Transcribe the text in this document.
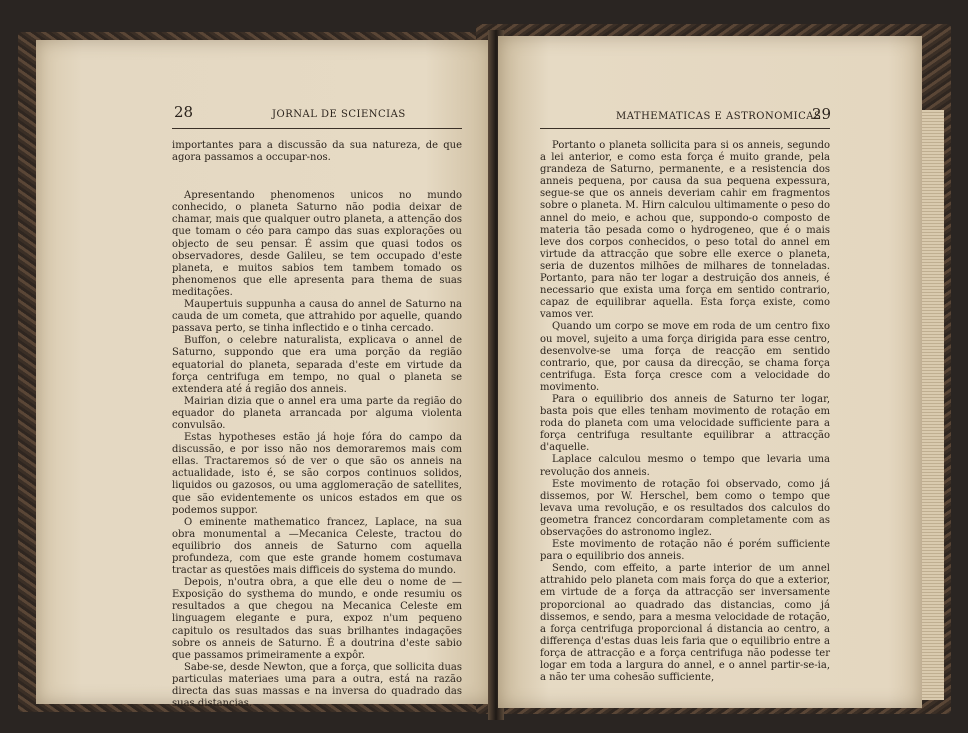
28	JORNAL DE SCIENCIAS

importantes para a discussão da sua natureza, de que agora passamos a occupar-nos.

Apresentando phenomenos unicos no mundo conhecido, o planeta Saturno não podia deixar de chamar, mais que qualquer outro planeta, a attenção dos que tomam o céo para campo das suas explorações ou objecto de seu pensar. É assim que quasi todos os observadores, desde Galileu, se tem occupado d'este planeta, e muitos sabios tem tambem tomado os phenomenos que elle apresenta para thema de suas meditações.

Maupertuis suppunha a causa do annel de Saturno na cauda de um cometa, que attrahido por aquelle, quando passava perto, se tinha inflectido e o tinha cercado.

Buffon, o celebre naturalista, explicava o annel de Saturno, suppondo que era uma porção da região equatorial do planeta, separada d'este em virtude da força centrifuga em tempo, no qual o planeta se extendera até á região dos anneis.

Mairian dizia que o annel era uma parte da região do equador do planeta arrancada por alguma violenta convulsão.

Estas hypotheses estão já hoje fóra do campo da discussão, e por isso não nos demoraremos mais com ellas. Tractaremos só de ver o que são os anneis na actualidade, isto é, se são corpos continuos solidos, liquidos ou gazosos, ou uma agglomeração de satellites, que são evidentemente os unicos estados em que os podemos suppor.

O eminente mathematico francez, Laplace, na sua obra monumental a —Mecanica Celeste, tractou do equilibrio dos anneis de Saturno com aquella profundeza, com que este grande homem costumava tractar as questões mais difficeis do systema do mundo.

Depois, n'outra obra, a que elle deu o nome de —Exposição do systhema do mundo, e onde resumiu os resultados a que chegou na Mecanica Celeste em linguagem elegante e pura, expoz n'um pequeno capitulo os resultados das suas brilhantes indagações sobre os anneis de Saturno. É a doutrina d'este sabio que passamos primeiramente a expôr.

Sabe-se, desde Newton, que a força, que sollicita duas particulas materiaes uma para a outra, está na razão directa das suas massas e na inversa do quadrado das suas distancias.

MATHEMATICAS E ASTRONOMICAS
29

Portanto o planeta sollicita para si os anneis, segundo a lei anterior, e como esta força é muito grande, pela grandeza de Saturno, permanente, e a resistencia dos anneis pequena, por causa da sua pequena expessura, segue-se que os anneis deveriam cahir em fragmentos sobre o planeta. M. Hirn calculou ultimamente o peso do annel do meio, e achou que, suppondo-o composto de materia tão pesada como o hydrogeneo, que é o mais leve dos corpos conhecidos, o peso total do annel em virtude da attracção que sobre elle exerce o planeta, seria de duzentos milhões de milhares de tonneladas. Portanto, para não ter logar a destruição dos anneis, é necessario que exista uma força em sentido contrario, capaz de equilibrar aquella. Esta força existe, como vamos ver.

Quando um corpo se move em roda de um centro fixo ou movel, sujeito a uma força dirigida para esse centro, desenvolve-se uma força de reacção em sentido contrario, que, por causa da direcção, se chama força centrifuga. Esta força cresce com a velocidade do movimento.

Para o equilibrio dos anneis de Saturno ter logar, basta pois que elles tenham movimento de rotação em roda do planeta com uma velocidade sufficiente para a força centrifuga resultante equilibrar a attracção d'aquelle.

Laplace calculou mesmo o tempo que levaria uma revolução dos anneis.

Este movimento de rotação foi observado, como já dissemos, por W. Herschel, bem como o tempo que levava uma revolução, e os resultados dos calculos do geometra francez concordaram completamente com as observações do astronomo inglez.

Este movimento de rotação não é porém sufficiente para o equilibrio dos anneis.

Sendo, com effeito, a parte interior de um annel attrahido pelo planeta com mais força do que a exterior, em virtude de a força da attracção ser inversamente proporcional ao quadrado das distancias, como já dissemos, e sendo, para a mesma velocidade de rotação, a força centrifuga proporcional á distancia ao centro, a differença d'estas duas leis faria que o equilibrio entre a força de attracção e a força centrifuga não podesse ter logar em toda a largura do annel, e o annel partir-se-ia, a não ter uma cohesão sufficiente,
